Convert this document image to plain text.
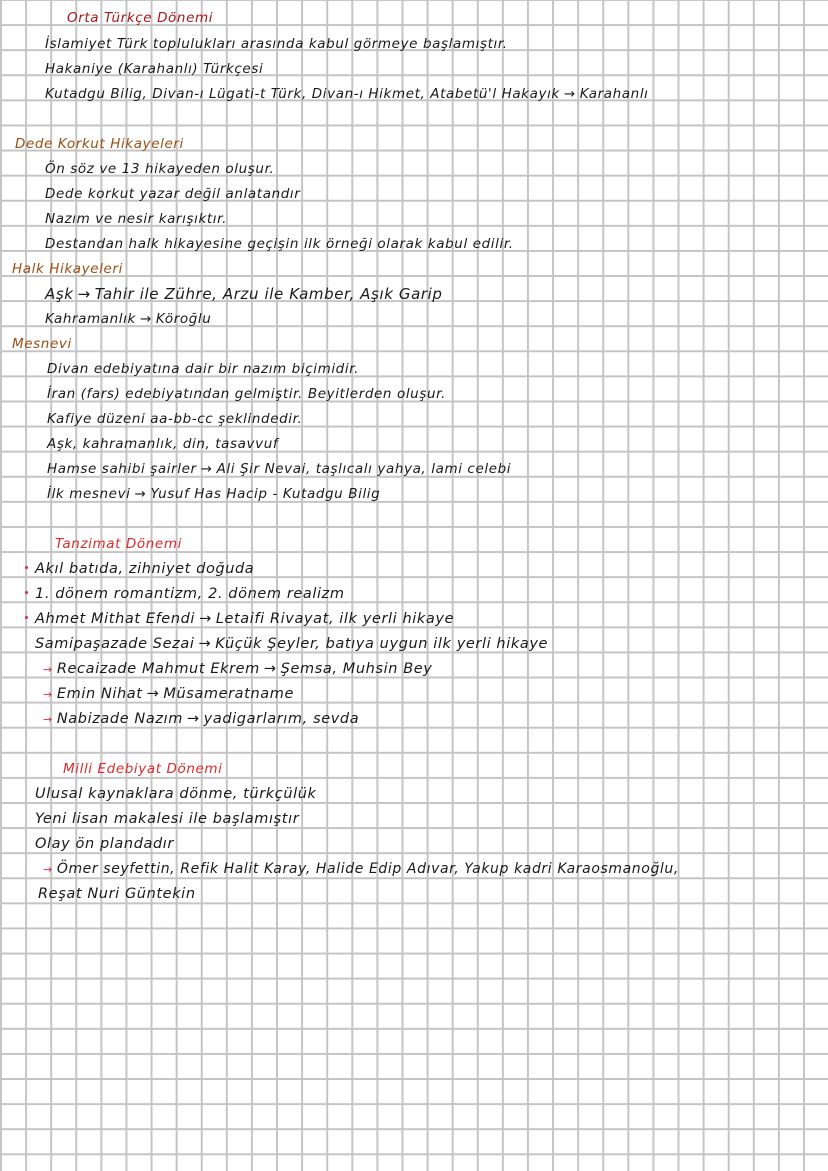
Orta Türkçe Dönemi
İslamiyet Türk toplulukları arasında kabul görmeye başlamıştır.
Hakaniye (Karahanlı) Türkçesi
Kutadgu Bilig, Divan-ı Lügati-t Türk, Divan-ı Hikmet, Atabetü'l Hakayık → Karahanlı
Dede Korkut Hikayeleri
Ön söz ve 13 hikayeden oluşur.
Dede korkut yazar değil anlatandır
Nazım ve nesir karışıktır.
Destandan halk hikayesine geçişin ilk örneği olarak kabul edilir.
Halk Hikayeleri
Aşk → Tahir ile Zühre, Arzu ile Kamber, Aşık Garip
Kahramanlık → Köroğlu
Mesnevi
Divan edebiyatına dair bir nazım biçimidir.
İran (fars) edebiyatından gelmiştir. Beyitlerden oluşur.
Kafiye düzeni aa-bb-cc şeklindedir.
Aşk, kahramanlık, din, tasavvuf
Hamse sahibi şairler → Ali Şir Nevai, taşlıcalı yahya, lami celebi
İlk mesnevi → Yusuf Has Hacip - Kutadgu Bilig
Tanzimat Dönemi
Akıl batıda, zihniyet doğuda
1. dönem romantizm, 2. dönem realizm
Ahmet Mithat Efendi → Letaifi Rivayat, ilk yerli hikaye
Samipaşazade Sezai → Küçük Şeyler, batıya uygun ilk yerli hikaye
→ Recaizade Mahmut Ekrem → Şemsa, Muhsin Bey
→ Emin Nihat → Müsameratname
→ Nabizade Nazım → yadigarlarım, sevda
Milli Edebiyat Dönemi
Ulusal kaynaklara dönme, türkçülük
Yeni lisan makalesi ile başlamıştır
Olay ön plandadır
→ Ömer seyfettin, Refik Halit Karay, Halide Edip Adıvar, Yakup kadri Karaosmanoğlu,
Reşat Nuri Güntekin
